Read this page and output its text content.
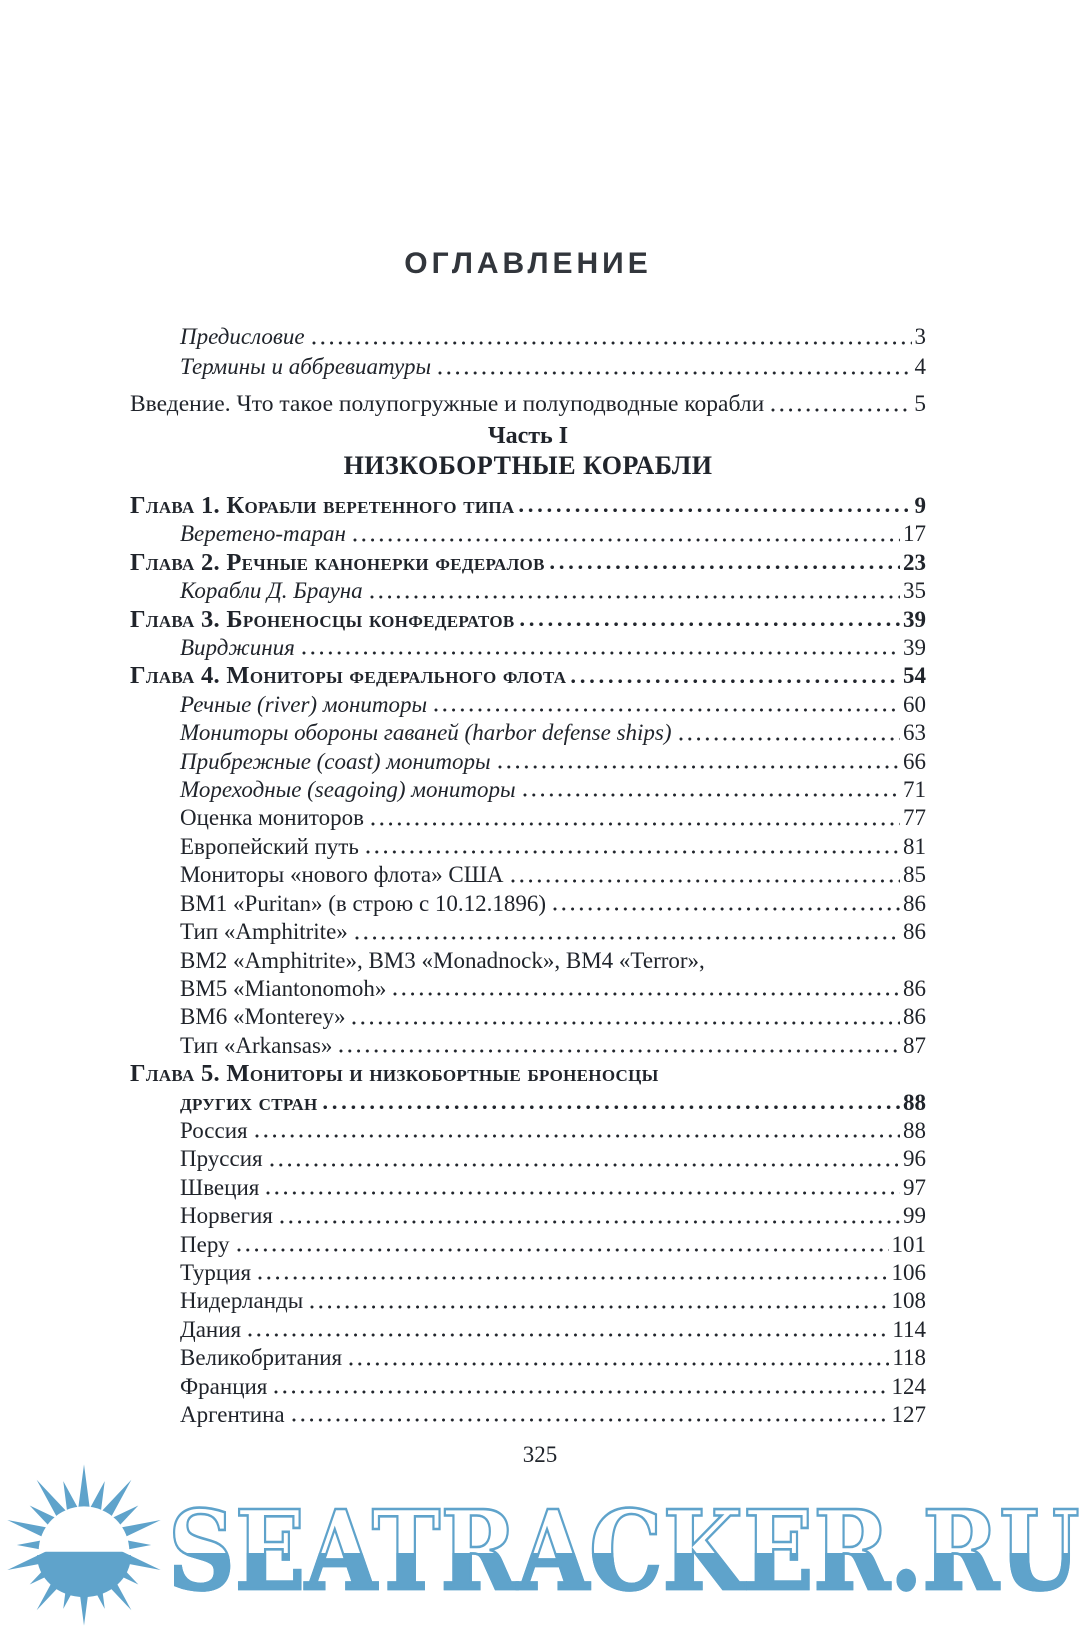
ОГЛАВЛЕНИЕ
Предисловие	3
Термины и аббревиатуры	4
Введение. Что такое полупогружные и полуподводные корабли	5
Часть I
НИЗКОБОРТНЫЕ КОРАБЛИ
Глава 1. Корабли веретенного типа	9
Веретено-таран	17
Глава 2. Речные канонерки федералов	23
Корабли Д. Брауна	35
Глава 3. Броненосцы конфедератов	39
Вирджиния	39
Глава 4. Мониторы федерального флота	54
Речные (river) мониторы	60
Мониторы обороны гаваней (harbor defense ships)	63
Прибрежные (coast) мониторы	66
Мореходные (seagoing) мониторы	71
Оценка мониторов	77
Европейский путь	81
Мониторы «нового флота» США	85
BM1 «Puritan» (в строю с 10.12.1896)	86
Тип «Amphitrite»	86
BM2 «Amphitrite», BM3 «Monadnock», BM4 «Terror»,
BM5 «Miantonomoh»	86
BM6 «Monterey»	86
Тип «Arkansas»	87
Глава 5. Мониторы и низкобортные броненосцы
других стран	88
Россия	88
Пруссия	96
Швеция	97
Норвегия	99
Перу	101
Турция	106
Нидерланды	108
Дания	114
Великобритания	118
Франция	124
Аргентина	127
325
SEATRACKER.RU
